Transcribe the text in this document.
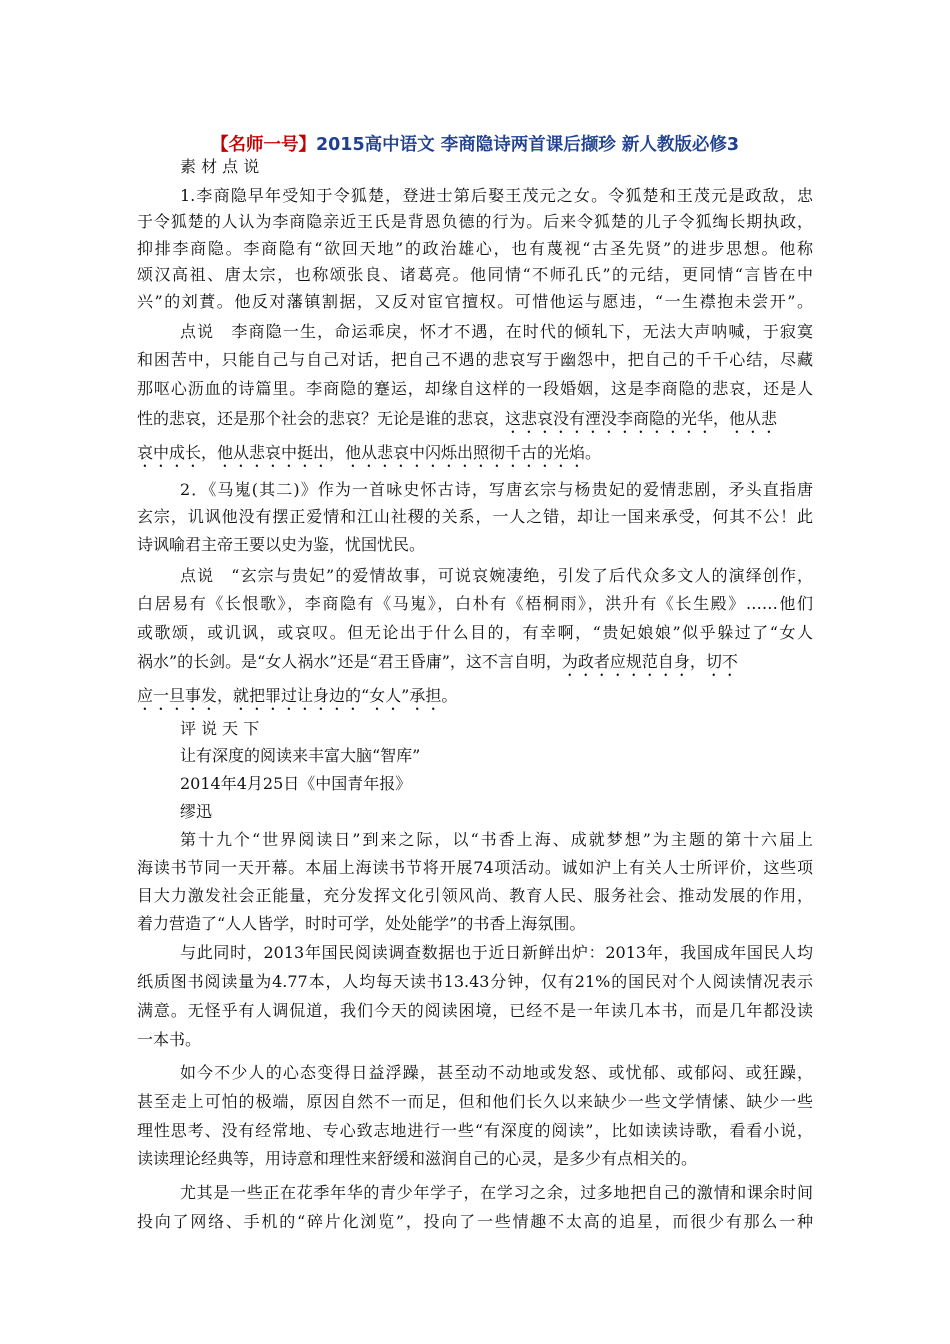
【名师一号】2015高中语文 李商隐诗两首课后撷珍 新人教版必修3
素 材 点 说
1.李商隐早年受知于令狐楚，登进士第后娶王茂元之女。令狐楚和王茂元是政敌，忠
于令狐楚的人认为李商隐亲近王氏是背恩负德的行为。后来令狐楚的儿子令狐绹长期执政，
抑排李商隐。李商隐有“欲回天地”的政治雄心，也有蔑视“古圣先贤”的进步思想。他称
颂汉高祖、唐太宗，也称颂张良、诸葛亮。他同情“不师孔氏”的元结，更同情“言皆在中
兴”的刘蕡。他反对藩镇割据，又反对宦官擅权。可惜他运与愿违，“一生襟抱未尝开”。
点说　李商隐一生，命运乖戾，怀才不遇，在时代的倾轧下，无法大声呐喊，于寂寞
和困苦中，只能自己与自己对话，把自己不遇的悲哀写于幽怨中，把自己的千千心结，尽藏
那呕心沥血的诗篇里。李商隐的蹇运，却缘自这样的一段婚姻，这是李商隐的悲哀，还是人
性的悲哀，还是那个社会的悲哀？无论是谁的悲哀，这悲哀没有湮没李商隐的光华，他从悲
哀中成长，他从悲哀中挺出，他从悲哀中闪烁出照彻千古的光焰。
2．《马嵬(其二)》作为一首咏史怀古诗，写唐玄宗与杨贵妃的爱情悲剧，矛头直指唐
玄宗，讥讽他没有摆正爱情和江山社稷的关系，一人之错，却让一国来承受，何其不公！此
诗讽喻君主帝王要以史为鉴，忧国忧民。
点说　“玄宗与贵妃”的爱情故事，可说哀婉凄绝，引发了后代众多文人的演绎创作，
白居易有《长恨歌》，李商隐有《马嵬》，白朴有《梧桐雨》，洪升有《长生殿》……他们
或歌颂，或讥讽，或哀叹。但无论出于什么目的，有幸啊，“贵妃娘娘”似乎躲过了“女人
祸水”的长剑。是“女人祸水”还是“君王昏庸”，这不言自明，为政者应规范自身，切不
应一旦事发，就把罪过让身边的“女人”承担。
评 说 天 下
让有深度的阅读来丰富大脑“智库”
2014年4月25日《中国青年报》
缪迅
第十九个“世界阅读日”到来之际，以“书香上海、成就梦想”为主题的第十六届上
海读书节同一天开幕。本届上海读书节将开展74项活动。诚如沪上有关人士所评价，这些项
目大力激发社会正能量，充分发挥文化引领风尚、教育人民、服务社会、推动发展的作用，
着力营造了“人人皆学，时时可学，处处能学”的书香上海氛围。
与此同时，2013年国民阅读调查数据也于近日新鲜出炉：2013年，我国成年国民人均
纸质图书阅读量为4.77本，人均每天读书13.43分钟，仅有21%的国民对个人阅读情况表示
满意。无怪乎有人调侃道，我们今天的阅读困境，已经不是一年读几本书，而是几年都没读
一本书。
如今不少人的心态变得日益浮躁，甚至动不动地或发怒、或忧郁、或郁闷、或狂躁，
甚至走上可怕的极端，原因自然不一而足，但和他们长久以来缺少一些文学情愫、缺少一些
理性思考、没有经常地、专心致志地进行一些“有深度的阅读”，比如读读诗歌，看看小说，
读读理论经典等，用诗意和理性来舒缓和滋润自己的心灵，是多少有点相关的。
尤其是一些正在花季年华的青少年学子，在学习之余，过多地把自己的激情和课余时间
投向了网络、手机的“碎片化浏览”，投向了一些情趣不太高的追星，而很少有那么一种
